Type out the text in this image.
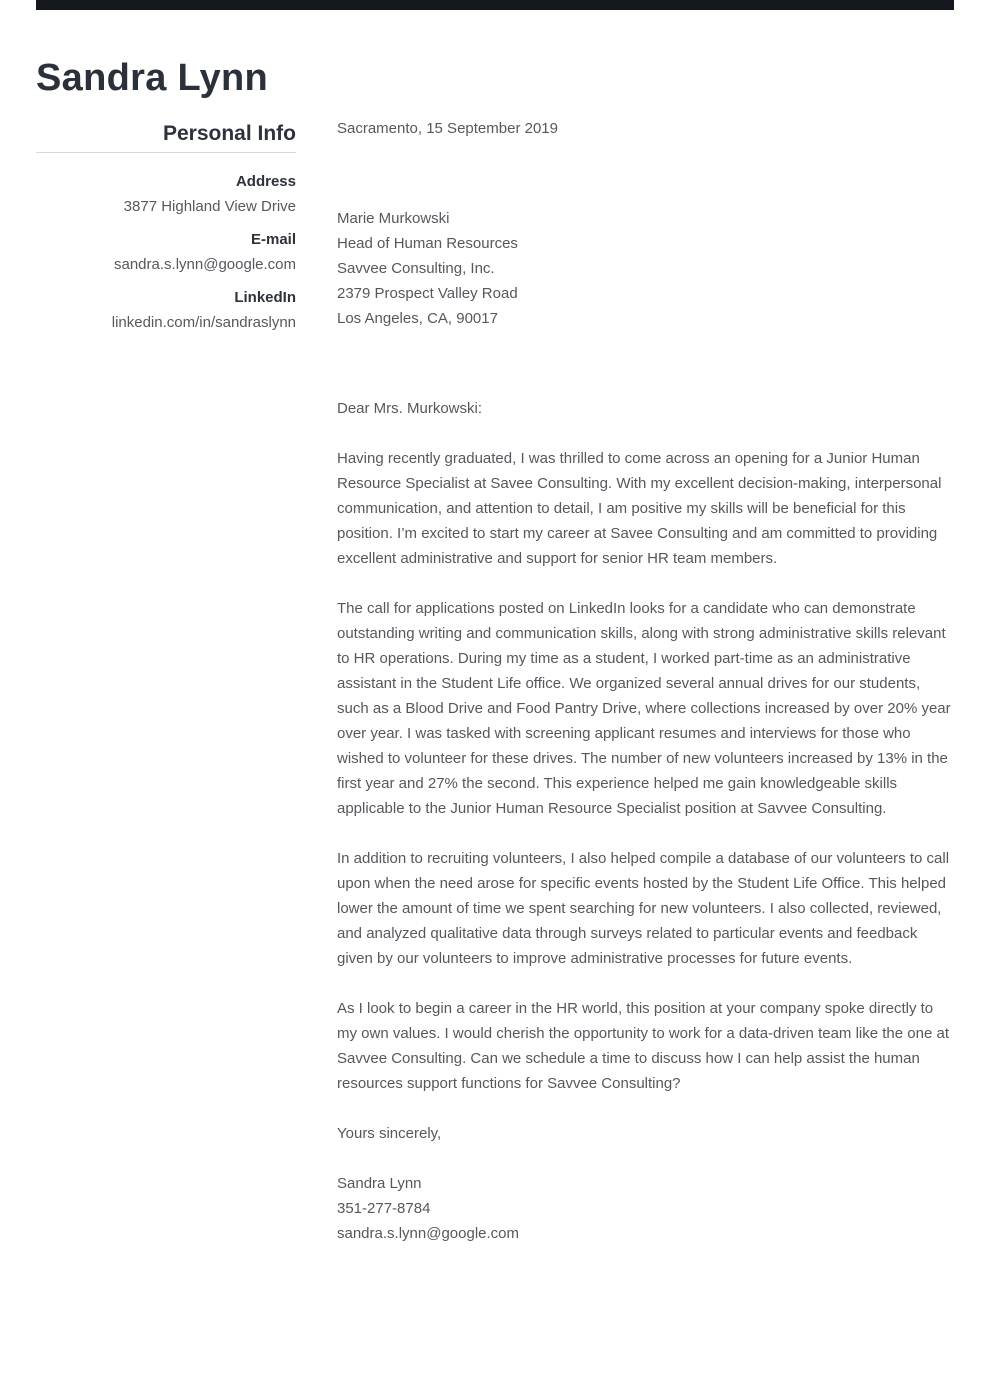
Sandra Lynn
Personal Info
Address
3877 Highland View Drive
E-mail
sandra.s.lynn@google.com
LinkedIn
linkedin.com/in/sandraslynn

Sacramento, 15 September 2019

Marie Murkowski

Head of Human Resources

Savvee Consulting, Inc.

2379 Prospect Valley Road

Los Angeles, CA, 90017

Dear Mrs. Murkowski:

Having recently graduated, I was thrilled to come across an opening for a Junior Human Resource Specialist at Savee Consulting. With my excellent decision-making, interpersonal communication, and attention to detail, I am positive my skills will be beneficial for this position. I’m excited to start my career at Savee Consulting and am committed to providing excellent administrative and support for senior HR team members.

The call for applications posted on LinkedIn looks for a candidate who can demonstrate outstanding writing and communication skills, along with strong administrative skills relevant to HR operations. During my time as a student, I worked part-time as an administrative assistant in the Student Life office. We organized several annual drives for our students, such as a Blood Drive and Food Pantry Drive, where collections increased by over 20% year over year. I was tasked with screening applicant resumes and interviews for those who wished to volunteer for these drives. The number of new volunteers increased by 13% in the first year and 27% the second. This experience helped me gain knowledgeable skills applicable to the Junior Human Resource Specialist position at Savvee Consulting.

In addition to recruiting volunteers, I also helped compile a database of our volunteers to call upon when the need arose for specific events hosted by the Student Life Office. This helped lower the amount of time we spent searching for new volunteers. I also collected, reviewed, and analyzed qualitative data through surveys related to particular events and feedback given by our volunteers to improve administrative processes for future events.

As I look to begin a career in the HR world, this position at your company spoke directly to my own values. I would cherish the opportunity to work for a data-driven team like the one at Savvee Consulting. Can we schedule a time to discuss how I can help assist the human resources support functions for Savvee Consulting?

Yours sincerely,

Sandra Lynn

351-277-8784

sandra.s.lynn@google.com
